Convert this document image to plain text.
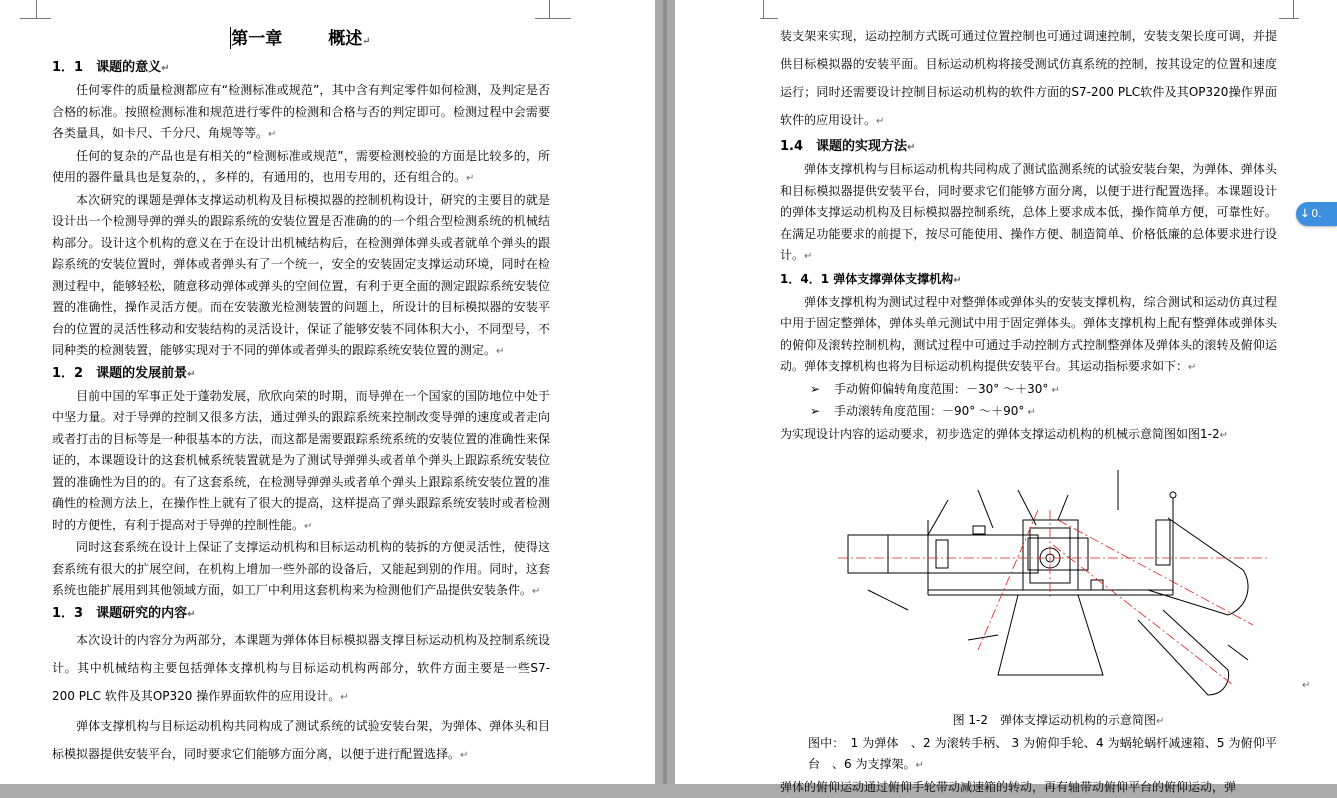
第一章	概述↵
1．1　课题的意义↵

任何零件的质量检测都应有“检测标准或规范”，其中含有判定零件如何检测，及判定是否合格的标准。按照检测标准和规范进行零件的检测和合格与否的判定即可。检测过程中会需要各类量具，如卡尺、千分尺、角规等等。↵

任何的复杂的产品也是有相关的“检测标准或规范”，需要检测校验的方面是比较多的，所使用的器件量具也是复杂的，，多样的，有通用的，也用专用的，还有组合的。↵

本次研究的课题是弹体支撑运动机构及目标模拟器的控制机构设计，研究的主要目的就是设计出一个检测导弹的弹头的跟踪系统的安装位置是否准确的的一个组合型检测系统的机械结构部分。设计这个机构的意义在于在设计出机械结构后，在检测弹体弹头或者就单个弹头的跟踪系统的安装位置时，弹体或者弹头有了一个统一，安全的安装固定支撑运动环境，同时在检测过程中，能够轻松，随意移动弹体或弹头的空间位置，有利于更全面的测定跟踪系统安装位置的准确性，操作灵活方便。而在安装激光检测装置的问题上，所设计的目标模拟器的安装平台的位置的灵活性移动和安装结构的灵活设计，保证了能够安装不同体积大小，不同型号，不同种类的检测装置，能够实现对于不同的弹体或者弹头的跟踪系统安装位置的测定。↵

1．2　课题的发展前景↵

目前中国的军事正处于蓬勃发展，欣欣向荣的时期，而导弹在一个国家的国防地位中处于中坚力量。对于导弹的控制又很多方法，通过弹头的跟踪系统来控制改变导弹的速度或者走向或者打击的目标等是一种很基本的方法，而这都是需要跟踪系统系统的安装位置的准确性来保证的，本课题设计的这套机械系统装置就是为了测试导弹弹头或者单个弹头上跟踪系统安装位置的准确性为目的的。有了这套系统，在检测导弹弹头或者单个弹头上跟踪系统安装位置的准确性的检测方法上，在操作性上就有了很大的提高，这样提高了弹头跟踪系统安装时或者检测时的方便性，有利于提高对于导弹的控制性能。↵

同时这套系统在设计上保证了支撑运动机构和目标运动机构的装拆的方便灵活性，使得这套系统有很大的扩展空间，在机构上增加一些外部的设备后，又能起到别的作用。同时，这套系统也能扩展用到其他领域方面，如工厂中利用这套机构来为检测他们产品提供安装条件。↵

1．3　课题研究的内容↵

本次设计的内容分为两部分，本课题为弹体体目标模拟器支撑目标运动机构及控制系统设计。其中机械结构主要包括弹体支撑机构与目标运动机构两部分，软件方面主要是一些S7-200 PLC 软件及其OP320 操作界面软件的应用设计。↵

弹体支撑机构与目标运动机构共同构成了测试系统的试验安装台架，为弹体、弹体头和目标模拟器提供安装平台，同时要求它们能够方面分离，以便于进行配置选择。↵

装支架来实现，运动控制方式既可通过位置控制也可通过调速控制，安装支架长度可调，并提供目标模拟器的安装平面。目标运动机构将接受测试仿真系统的控制，按其设定的位置和速度运行；同时还需要设计控制目标运动机构的软件方面的S7-200 PLC软件及其OP320操作界面软件的应用设计。↵

1.4　课题的实现方法↵

弹体支撑机构与目标运动机构共同构成了测试监测系统的试验安装台架，为弹体、弹体头和目标模拟器提供安装平台，同时要求它们能够方面分离，以便于进行配置选择。本课题设计的弹体支撑运动机构及目标模拟器控制系统，总体上要求成本低，操作简单方便，可靠性好。在满足功能要求的前提下，按尽可能使用、操作方便、制造简单、价格低廉的总体要求进行设计。↵

1．4．1 弹体支撑弹体支撑机构↵

弹体支撑机构为测试过程中对整弹体或弹体头的安装支撑机构，综合测试和运动仿真过程中用于固定整弹体，弹体头单元测试中用于固定弹体头。弹体支撑机构上配有整弹体或弹体头的俯仰及滚转控制机构，测试过程中可通过手动控制方式控制整弹体及弹体头的滚转及俯仰运动。弹体支撑机构也将为目标运动机构提供安装平台。其运动指标要求如下：↵

➢ 手动俯仰偏转角度范围：－30° ～＋30° ↵

➢ 手动滚转角度范围：－90° ～＋90° ↵

为实现设计内容的运动要求，初步选定的弹体支撑运动机构的机械示意简图如图1-2↵

图 1-2　弹体支撑运动机构的示意简图↵

图中：　1 为弹体　、2 为滚转手柄、 3 为俯仰手轮、4 为蜗轮蜗杆减速箱、5 为俯仰平台　、6 为支撑架。↵

弹体的俯仰运动通过俯仰手轮带动减速箱的转动，再有轴带动俯仰平台的俯仰运动，弹

↵
🡓 0.
